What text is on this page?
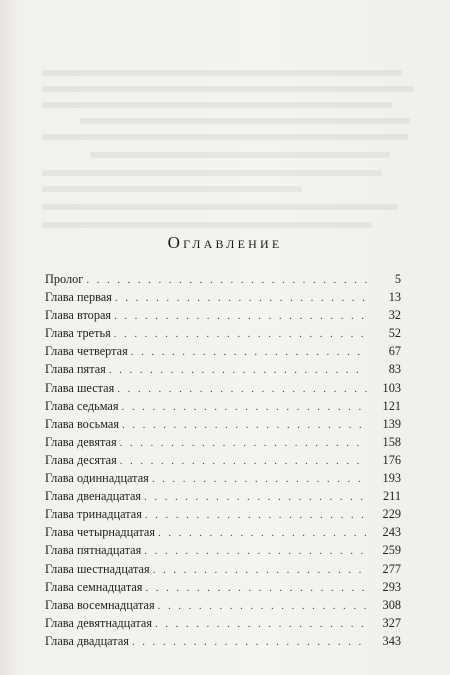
Оглавление
Пролог . . .	5
Глава первая . . .	13
Глава вторая . . .	32
Глава третья . . .	52
Глава четвертая . . .	67
Глава пятая . . .	83
Глава шестая . . .	103
Глава седьмая . . .	121
Глава восьмая . . .	139
Глава девятая . . .	158
Глава десятая . . .	176
Глава одиннадцатая . . .	193
Глава двенадцатая . . .	211
Глава тринадцатая . . .	229
Глава четырнадцатая . . .	243
Глава пятнадцатая . . .	259
Глава шестнадцатая . . .	277
Глава семнадцатая . . .	293
Глава восемнадцатая . . .	308
Глава девятнадцатая . . .	327
Глава двадцатая . . .	343
